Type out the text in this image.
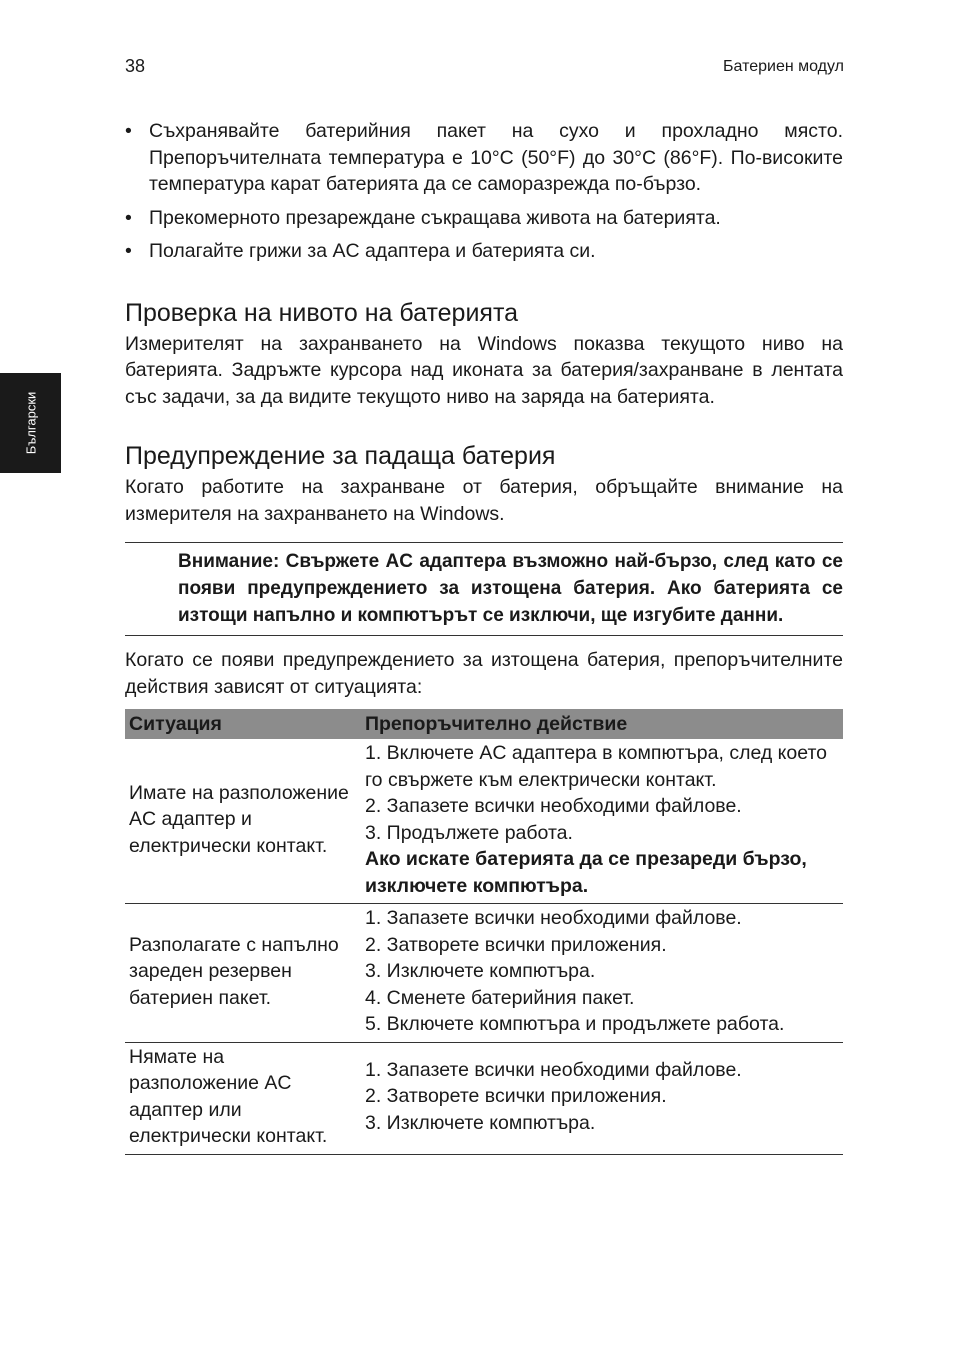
38	Батериен модул
Български
• Съхранявайте батерийния пакет на сухо и прохладно място. Препоръчителната температура е 10°C (50°F) до 30°C (86°F). По-високите температура карат батерията да се саморазрежда по-бързо.
• Прекомерното презареждане съкращава живота на батерията.
• Полагайте грижи за AC адаптера и батерията си.
Проверка на нивото на батерията

Измерителят на захранването на Windows показва текущото ниво на батерията. Задръжте курсора над иконата за батерия/захранване в лентата със задачи, за да видите текущото ниво на заряда на батерията.

Предупреждение за падаща батерия

Когато работите на захранване от батерия, обръщайте внимание на измерителя на захранването на Windows.

Внимание: Свържете AC адаптера възможно най-бързо, след като се появи предупреждението за изтощена батерия. Ако батерията се изтощи напълно и компютърът се изключи, ще изгубите данни.

Когато се появи предупреждението за изтощена батерия, препоръчителните действия зависят от ситуацията:

Ситуация	Препоръчително действие
Имате на разположение AC адаптер и електрически контакт.	1. Включете AC адаптера в компютъра, след което го свържете към електрически контакт.
2. Запазете всички необходими файлове.
3. Продължете работа.
Ако искате батерията да се презареди бързо, изключете компютъра.

Разполагате с напълно зареден резервен батериен пакет.	1. Запазете всички необходими файлове.
2. Затворете всички приложения.
3. Изключете компютъра.
4. Сменете батерийния пакет.
5. Включете компютъра и продължете работа.

Нямате на разположение AC адаптер или електрически контакт.	1. Запазете всички необходими файлове.
2. Затворете всички приложения.
3. Изключете компютъра.
